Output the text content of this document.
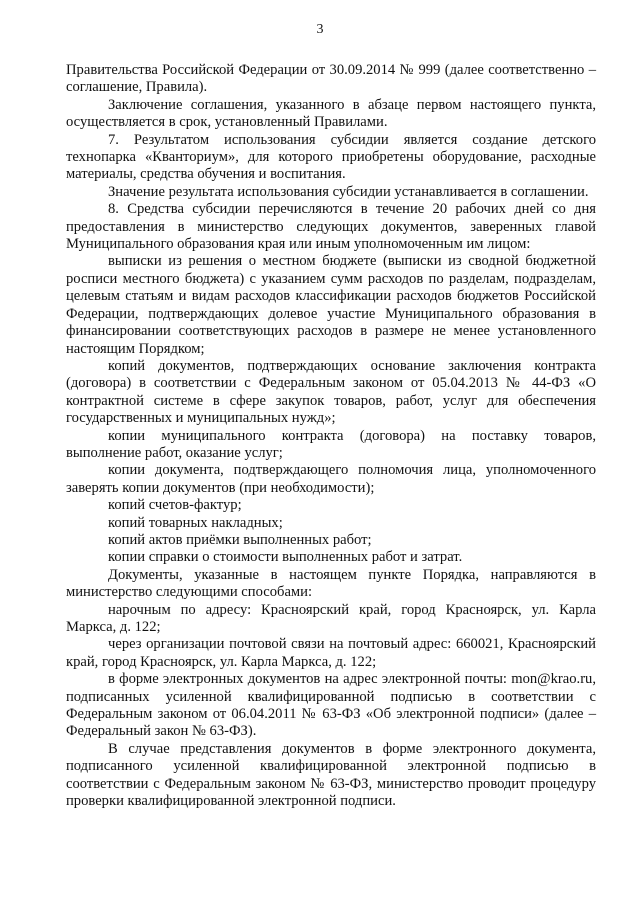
3

Правительства Российской Федерации от 30.09.2014 № 999 (далее соответственно – соглашение, Правила).

Заключение соглашения, указанного в абзаце первом настоящего пункта, осуществляется в срок, установленный Правилами.

7. Результатом использования субсидии является создание детского технопарка «Кванториум», для которого приобретены оборудование, расходные материалы, средства обучения и воспитания.

Значение результата использования субсидии устанавливается в соглашении.

8. Средства субсидии перечисляются в течение 20 рабочих дней со дня предоставления в министерство следующих документов, заверенных главой Муниципального образования края или иным уполномоченным им лицом:

выписки из решения о местном бюджете (выписки из сводной бюджетной росписи местного бюджета) с указанием сумм расходов по разделам, подразделам, целевым статьям и видам расходов классификации расходов бюджетов Российской Федерации, подтверждающих долевое участие Муниципального образования в финансировании соответствующих расходов в размере не менее установленного настоящим Порядком;

копий документов, подтверждающих основание заключения контракта (договора) в соответствии с Федеральным законом от 05.04.2013 № 44-ФЗ «О контрактной системе в сфере закупок товаров, работ, услуг для обеспечения государственных и муниципальных нужд»;

копии муниципального контракта (договора) на поставку товаров, выполнение работ, оказание услуг;

копии документа, подтверждающего полномочия лица, уполномоченного заверять копии документов (при необходимости);

копий счетов-фактур;

копий товарных накладных;

копий актов приёмки выполненных работ;

копии справки о стоимости выполненных работ и затрат.

Документы, указанные в настоящем пункте Порядка, направляются в министерство следующими способами:

нарочным по адресу: Красноярский край, город Красноярск, ул. Карла Маркса, д. 122;

через организации почтовой связи на почтовый адрес: 660021, Красноярский край, город Красноярск, ул. Карла Маркса, д. 122;

в форме электронных документов на адрес электронной почты: mon@krao.ru, подписанных усиленной квалифицированной подписью в соответствии с Федеральным законом от 06.04.2011 № 63-ФЗ «Об электронной подписи» (далее – Федеральный закон № 63-ФЗ).

В случае представления документов в форме электронного документа, подписанного усиленной квалифицированной электронной подписью в соответствии с Федеральным законом № 63-ФЗ, министерство проводит процедуру проверки квалифицированной электронной подписи.
